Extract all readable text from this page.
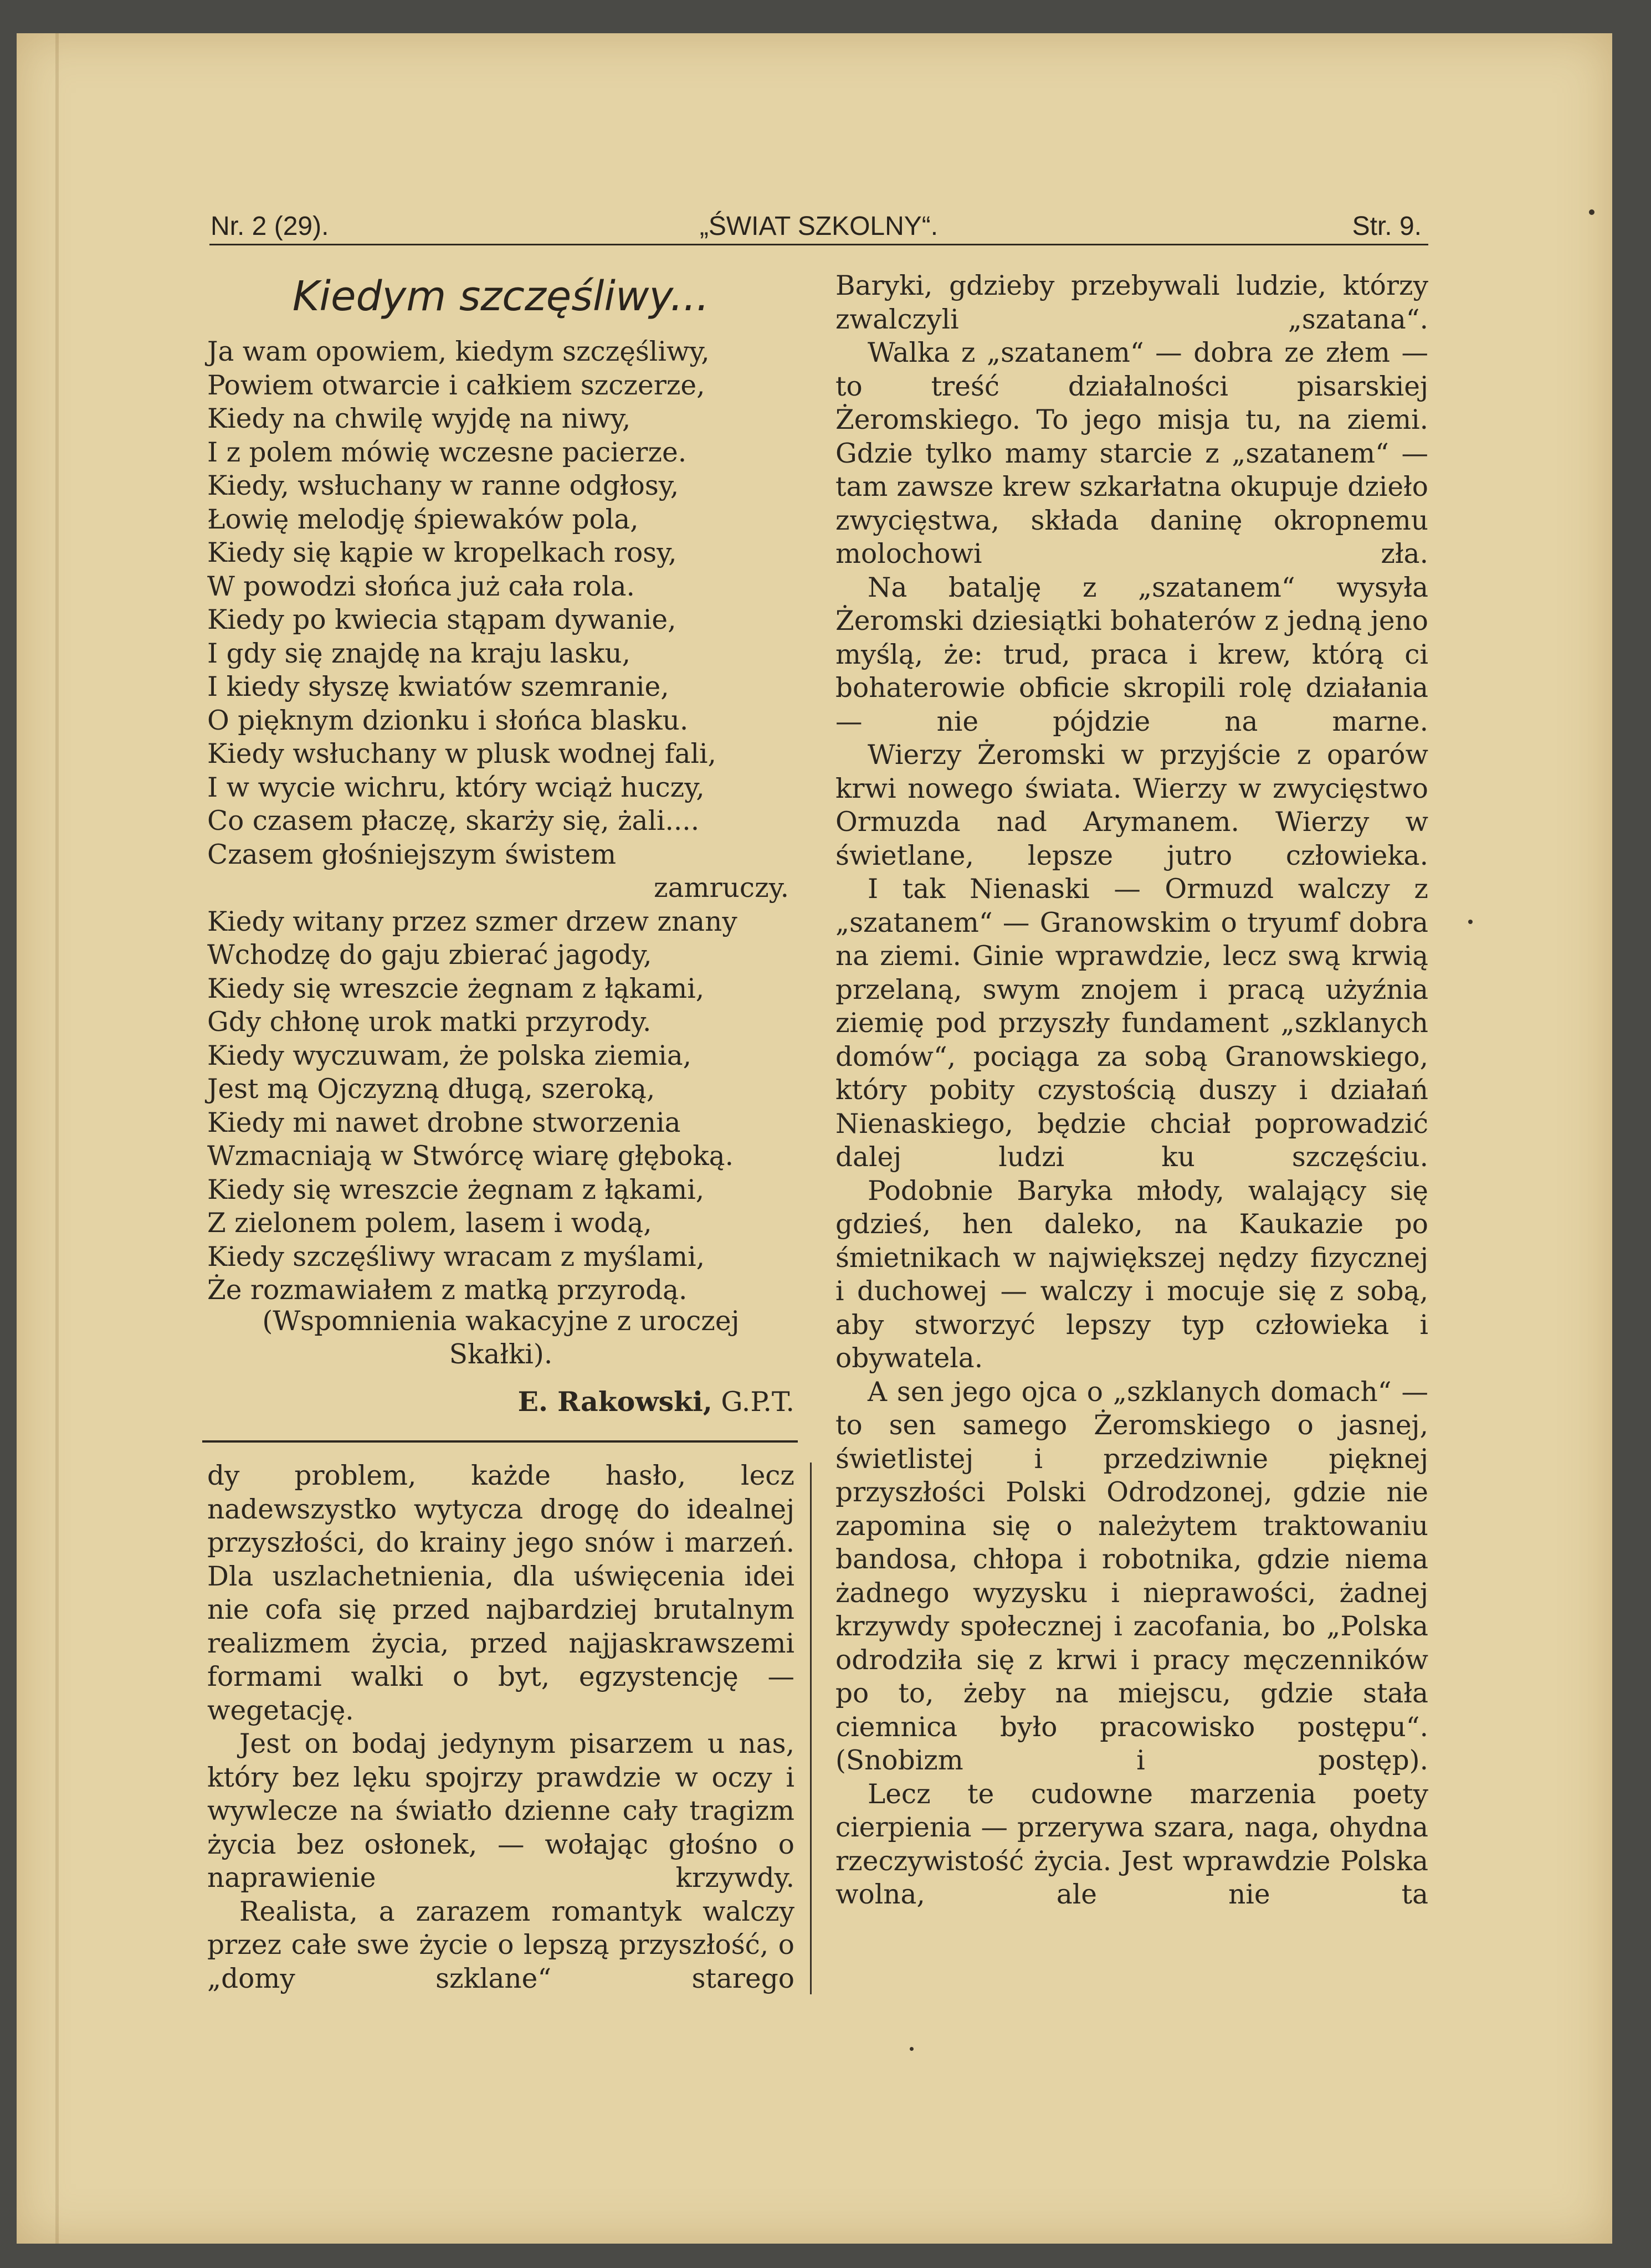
Nr. 2 (29).	„ŚWIAT SZKOLNY“.	Str. 9.
Kiedym szczęśliwy...
Ja wam opowiem, kiedym szczęśliwy,
Powiem otwarcie i całkiem szczerze,
Kiedy na chwilę wyjdę na niwy,
I z polem mówię wczesne pacierze.
Kiedy, wsłuchany w ranne odgłosy,
Łowię melodję śpiewaków pola,
Kiedy się kąpie w kropelkach rosy,
W powodzi słońca już cała rola.
Kiedy po kwiecia stąpam dywanie,
I gdy się znajdę na kraju lasku,
I kiedy słyszę kwiatów szemranie,
O pięknym dzionku i słońca blasku.
Kiedy wsłuchany w plusk wodnej fali,
I w wycie wichru, który wciąż huczy,
Co czasem płaczę, skarży się, żali....
Czasem głośniejszym świstem
zamruczy.
Kiedy witany przez szmer drzew znany
Wchodzę do gaju zbierać jagody,
Kiedy się wreszcie żegnam z łąkami,
Gdy chłonę urok matki przyrody.
Kiedy wyczuwam, że polska ziemia,
Jest mą Ojczyzną długą, szeroką,
Kiedy mi nawet drobne stworzenia
Wzmacniają w Stwórcę wiarę głęboką.
Kiedy się wreszcie żegnam z łąkami,
Z zielonem polem, lasem i wodą,
Kiedy szczęśliwy wracam z myślami,
Że rozmawiałem z matką przyrodą.
(Wspomnienia wakacyjne z uroczej
Skałki).
E. Rakowski, G.P.T.

dy problem, każde hasło, lecz nadewszystko wytycza drogę do idealnej przyszłości, do krainy jego snów i marzeń. Dla uszlachetnienia, dla uświęcenia idei nie cofa się przed najbardziej brutalnym realizmem życia, przed najjaskrawszemi formami walki o byt, egzystencję — wegetację.

Jest on bodaj jedynym pisarzem u nas, który bez lęku spojrzy prawdzie w oczy i wywlecze na światło dzienne cały tragizm życia bez osłonek, — wołając głośno o naprawienie krzywdy.

Realista, a zarazem romantyk walczy przez całe swe życie o lepszą przyszłość, o „domy szklane“ starego

Baryki, gdzieby przebywali ludzie, którzy zwalczyli „szatana“.

Walka z „szatanem“ — dobra ze złem — to treść działalności pisarskiej Żeromskiego. To jego misja tu, na ziemi. Gdzie tylko mamy starcie z „szatanem“ — tam zawsze krew szkarłatna okupuje dzieło zwycięstwa, składa daninę okropnemu molochowi zła.

Na batalję z „szatanem“ wysyła Żeromski dziesiątki bohaterów z jedną jeno myślą, że: trud, praca i krew, którą ci bohaterowie obficie skropili rolę działania — nie pójdzie na marne.

Wierzy Żeromski w przyjście z oparów krwi nowego świata. Wierzy w zwycięstwo Ormuzda nad Arymanem. Wierzy w świetlane, lepsze jutro człowieka.

I tak Nienaski — Ormuzd walczy z „szatanem“ — Granowskim o tryumf dobra na ziemi. Ginie wprawdzie, lecz swą krwią przelaną, swym znojem i pracą użyźnia ziemię pod przyszły fundament „szklanych domów“, pociąga za sobą Granowskiego, który pobity czystością duszy i działań Nienaskiego, będzie chciał poprowadzić dalej ludzi ku szczęściu.

Podobnie Baryka młody, walający się gdzieś, hen daleko, na Kaukazie po śmietnikach w największej nędzy fizycznej i duchowej — walczy i mocuje się z sobą, aby stworzyć lepszy typ człowieka i obywatela.

A sen jego ojca o „szklanych domach“ — to sen samego Żeromskiego o jasnej, świetlistej i przedziwnie pięknej przyszłości Polski Odrodzonej, gdzie nie zapomina się o należytem traktowaniu bandosa, chłopa i robotnika, gdzie niema żadnego wyzysku i nieprawości, żadnej krzywdy społecznej i zacofania, bo „Polska odrodziła się z krwi i pracy męczenników po to, żeby na miejscu, gdzie stała ciemnica było pracowisko postępu“. (Snobizm i postęp).

Lecz te cudowne marzenia poety cierpienia — przerywa szara, naga, ohydna rzeczywistość życia. Jest wprawdzie Polska wolna, ale nie ta
